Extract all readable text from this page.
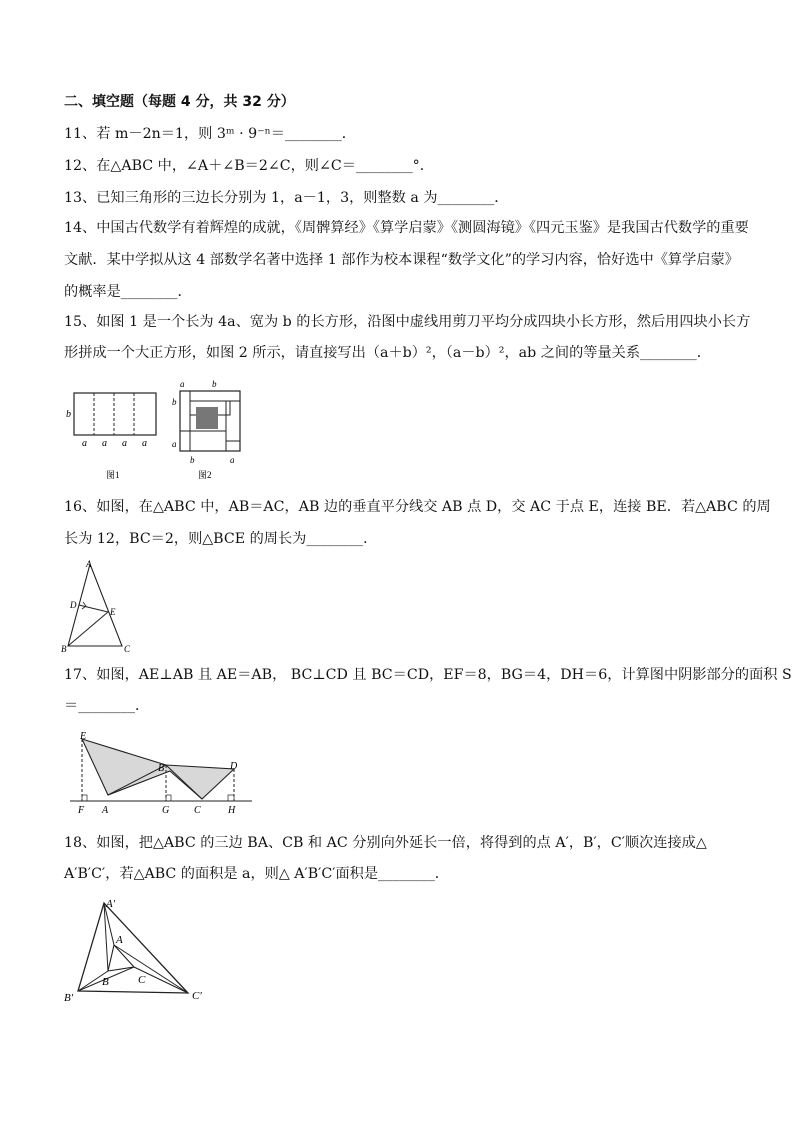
二、填空题（每题 4 分，共 32 分）
11、若 m－2n＝1，则 3ᵐ · 9⁻ⁿ＝________．
12、在△ABC 中，∠A＋∠B＝2∠C，则∠C＝________°．
13、已知三角形的三边长分别为 1，a－1，3，则整数 a 为________．
14、中国古代数学有着辉煌的成就，《周髀算经》《算学启蒙》《测圆海镜》《四元玉鉴》是我国古代数学的重要
文献．某中学拟从这 4 部数学名著中选择 1 部作为校本课程“数学文化”的学习内容，恰好选中《算学启蒙》
的概率是________．
15、如图 1 是一个长为 4a、宽为 b 的长方形，沿图中虚线用剪刀平均分成四块小长方形，然后用四块小长方
形拼成一个大正方形，如图 2 所示，请直接写出（a＋b）²，（a－b）²，ab 之间的等量关系________．
b
a a a a
图1
a	b
b
a
b	a
图2
16、如图，在△ABC 中，AB＝AC，AB 边的垂直平分线交 AB 点 D，交 AC 于点 E，连接 BE．若△ABC 的周
长为 12，BC＝2，则△BCE 的周长为________．
A
D
E
B	C
17、如图，AE⊥AB 且 AE＝AB， BC⊥CD 且 BC＝CD，EF＝8，BG＝4，DH＝6，计算图中阴影部分的面积 S
＝________．
E
B	D
F A	G C	H
18、如图，把△ABC 的三边 BA、CB 和 AC 分别向外延长一倍，将得到的点 A′，B′，C′顺次连接成△
A′B′C′，若△ABC 的面积是 a，则△ A′B′C′面积是________．
A′
A
B	C
B′	C′
